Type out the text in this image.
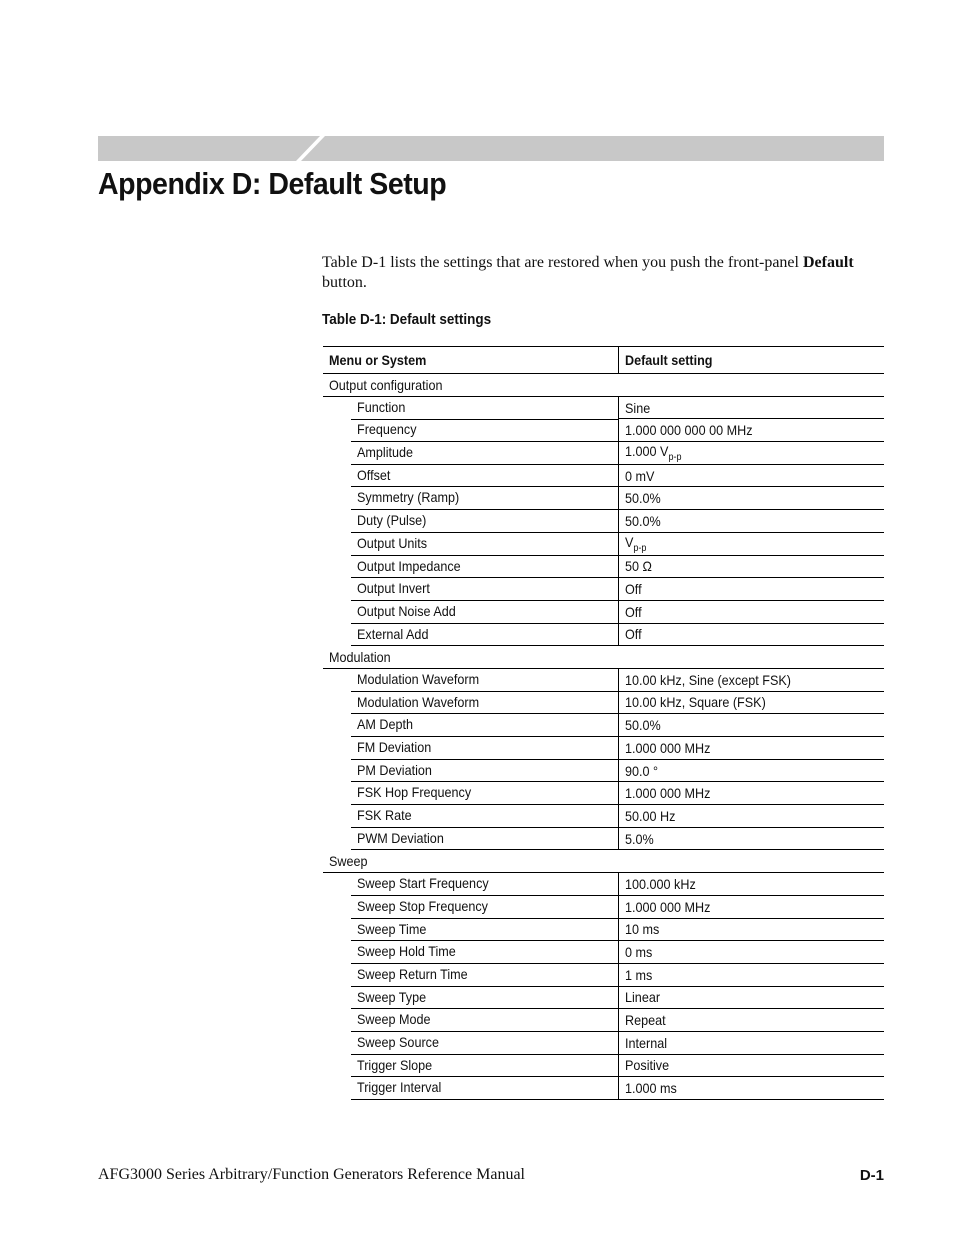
Appendix D: Default Setup

Table D-1 lists the settings that are restored when you push the front-panel Default button.

Table D-1: Default settings

Menu or System	Default setting
Output configuration	

Function	Sine

Frequency	1.000 000 000 00 MHz

Amplitude	1.000 $V_{p-p}$

Offset	0 mV

Symmetry (Ramp)	50.0%

Duty (Pulse)	50.0%

Output Units	$V_{p-p}$

Output Impedance	50 Ω

Output Invert	Off

Output Noise Add	Off

External Add	Off
Modulation	

Modulation Waveform	10.00 kHz, Sine (except FSK)

Modulation Waveform	10.00 kHz, Square (FSK)

AM Depth	50.0%

FM Deviation	1.000 000 MHz

PM Deviation	90.0 °

FSK Hop Frequency	1.000 000 MHz

FSK Rate	50.00 Hz

PWM Deviation	5.0%
Sweep	

Sweep Start Frequency	100.000 kHz

Sweep Stop Frequency	1.000 000 MHz

Sweep Time	10 ms

Sweep Hold Time	0 ms

Sweep Return Time	1 ms

Sweep Type	Linear

Sweep Mode	Repeat

Sweep Source	Internal

Trigger Slope	Positive

Trigger Interval	1.000 ms
AFG3000 Series Arbitrary/Function Generators Reference Manual	D-1
